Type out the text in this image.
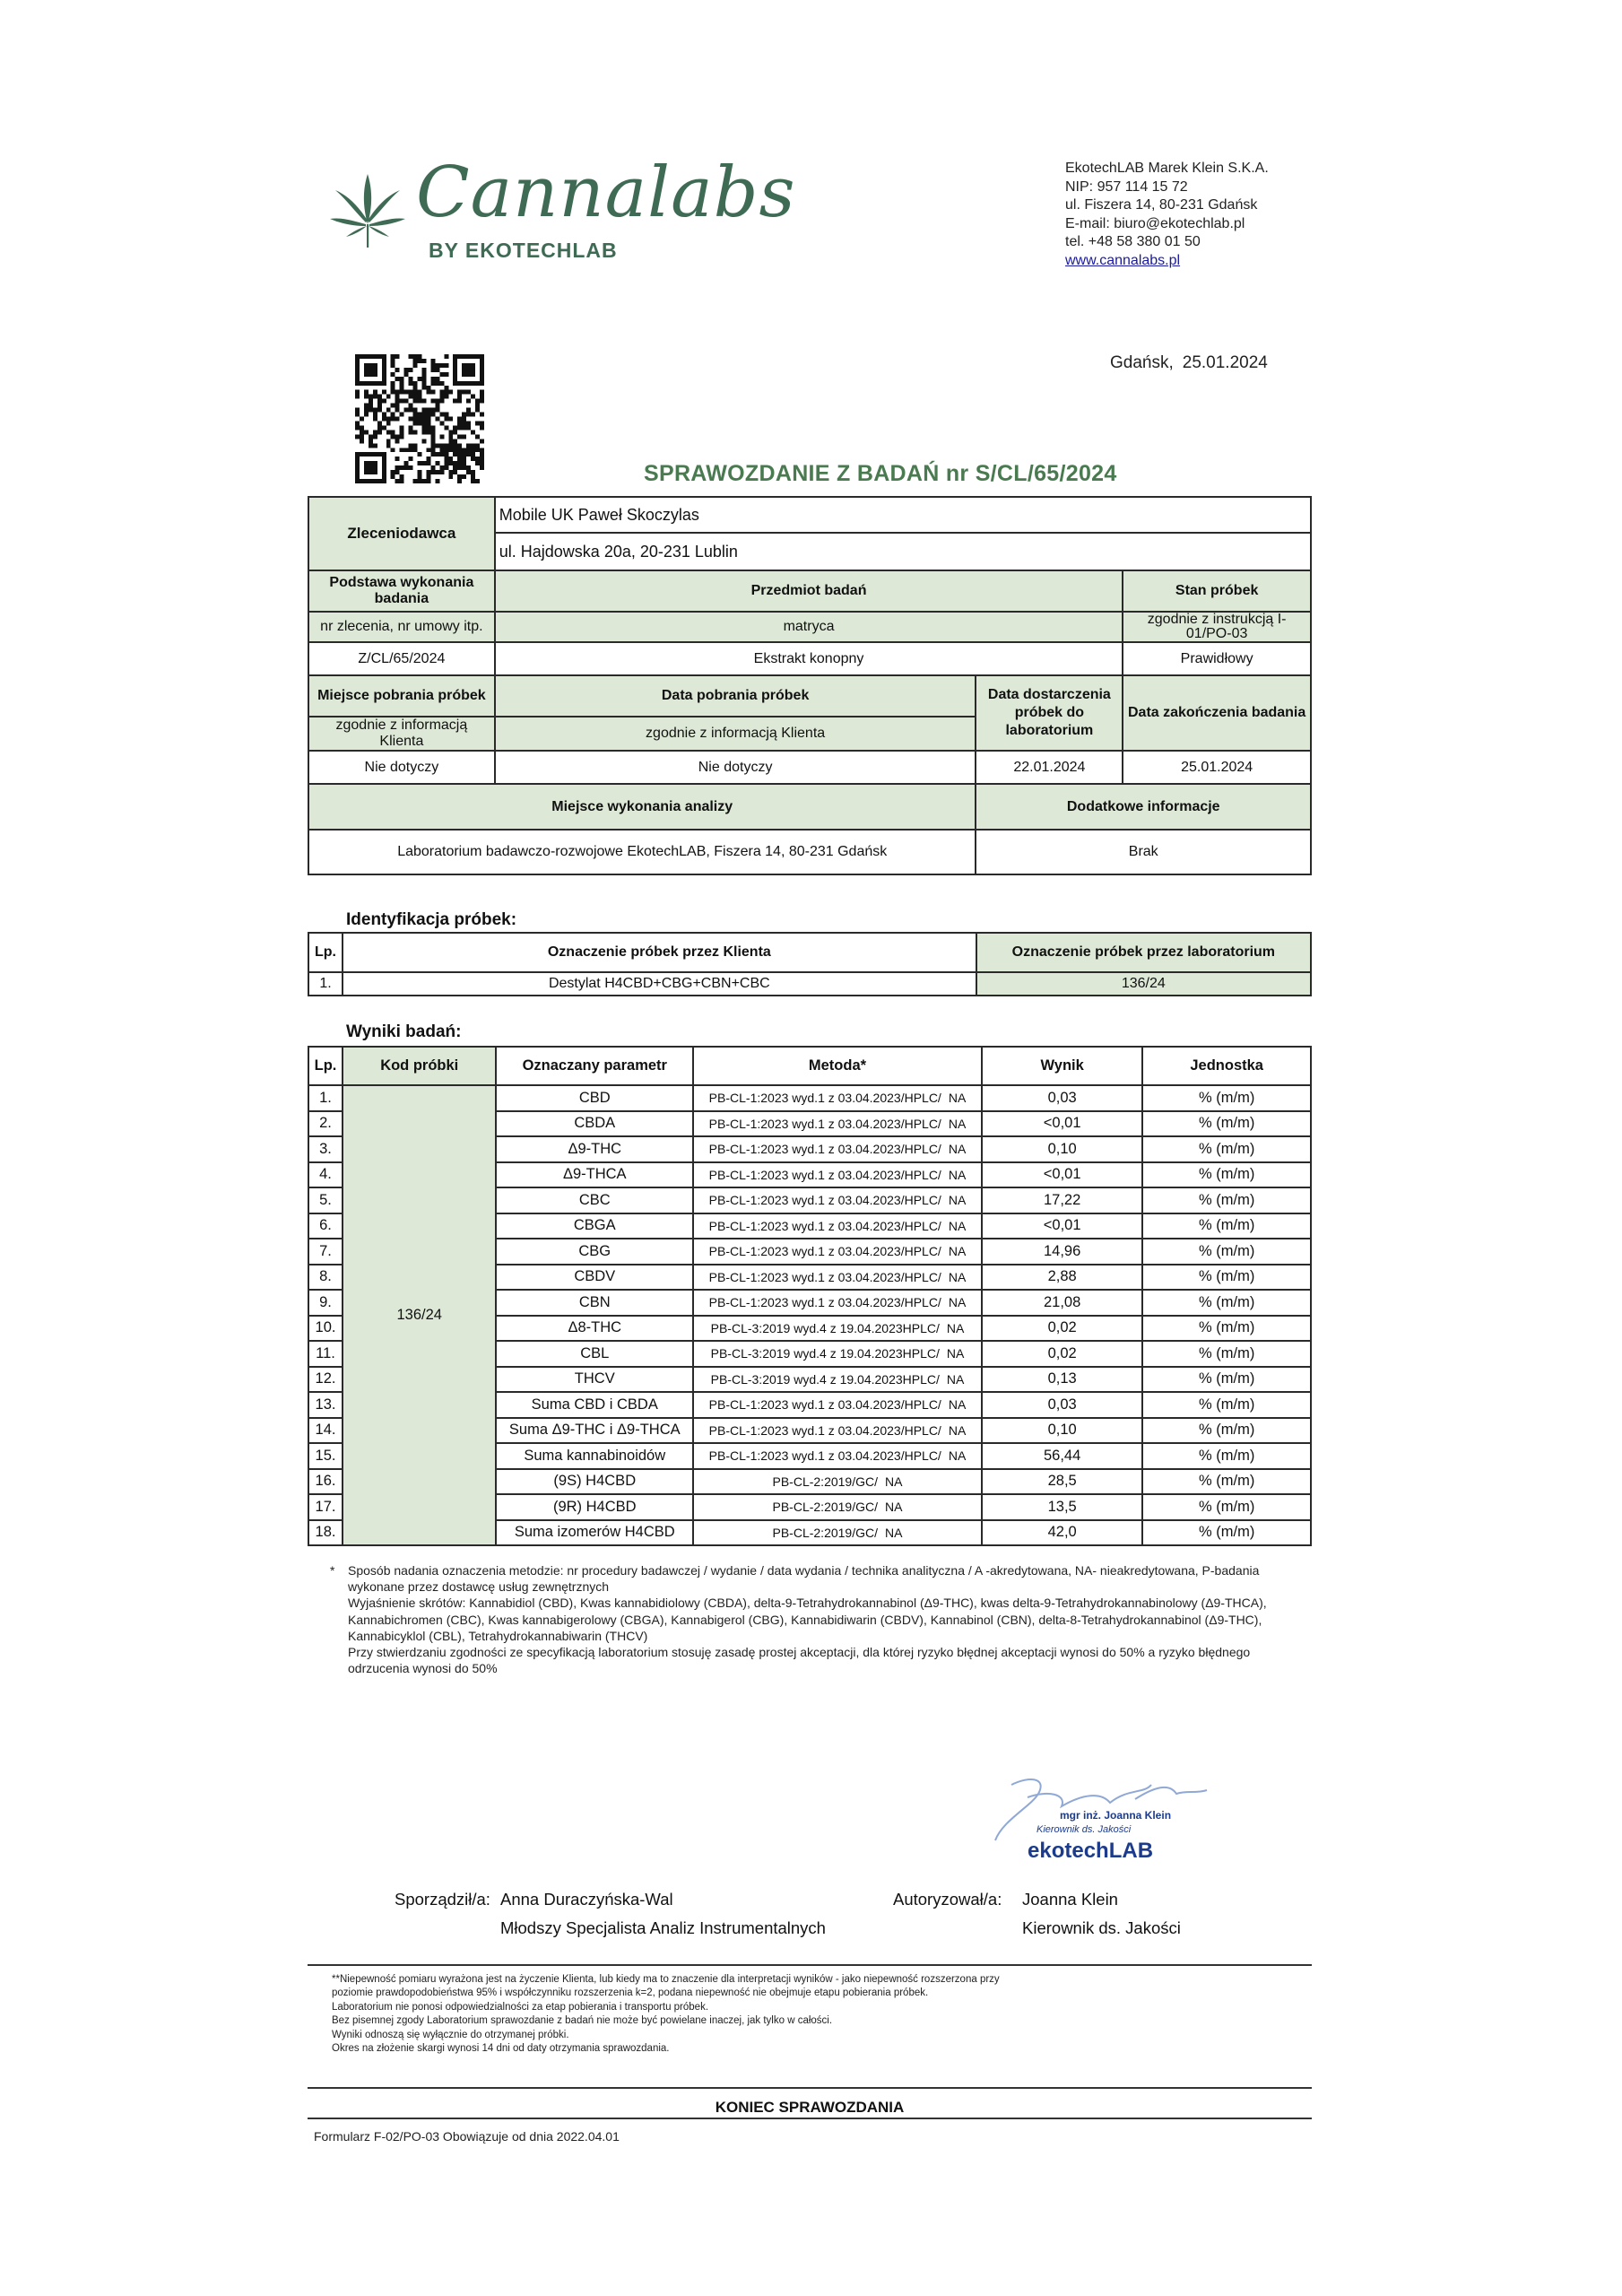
Cannalabs
BY EKOTECHLAB
EkotechLAB Marek Klein S.K.A.
NIP: 957 114 15 72
ul. Fiszera 14, 80-231 Gdańsk
E-mail: biuro@ekotechlab.pl
tel. +48 58 380 01 50
www.cannalabs.pl
Gdańsk, 25.01.2024
SPRAWOZDANIE Z BADAŃ nr S/CL/65/2024
Zleceniodawca	Mobile UK Paweł Skoczylas		
	ul. Hajdowska 20a, 20-231 Lublin		
Podstawa wykonania badania	Przedmiot badań		Stan próbek
nr zlecenia, nr umowy itp.	matryca		zgodnie z instrukcją I-01/PO-03
Z/CL/65/2024	Ekstrakt konopny		Prawidłowy
Miejsce pobrania próbek	Data pobrania próbek	Data dostarczenia próbek do laboratorium	Data zakończenia badania
zgodnie z informacją Klienta	zgodnie z informacją Klienta		
Nie dotyczy	Nie dotyczy	22.01.2024	25.01.2024
Miejsce wykonania analizy		Dodatkowe informacje	
Laboratorium badawczo-rozwojowe EkotechLAB, Fiszera 14, 80-231 Gdańsk		Brak	
Identyfikacja próbek:
Lp.	Oznaczenie próbek przez Klienta	Oznaczenie próbek przez laboratorium
1.	Destylat H4CBD+CBG+CBN+CBC	136/24
Wyniki badań:
Lp.	Kod próbki	Oznaczany parametr	Metoda*	Wynik	Jednostka
1.	136/24	CBD	PB-CL-1:2023 wyd.1 z 03.04.2023/HPLC/ NA	0,03	% (m/m)
2.		CBDA	PB-CL-1:2023 wyd.1 z 03.04.2023/HPLC/ NA	<0,01	% (m/m)
3.		Δ9-THC	PB-CL-1:2023 wyd.1 z 03.04.2023/HPLC/ NA	0,10	% (m/m)
4.		Δ9-THCA	PB-CL-1:2023 wyd.1 z 03.04.2023/HPLC/ NA	<0,01	% (m/m)
5.		CBC	PB-CL-1:2023 wyd.1 z 03.04.2023/HPLC/ NA	17,22	% (m/m)
6.		CBGA	PB-CL-1:2023 wyd.1 z 03.04.2023/HPLC/ NA	<0,01	% (m/m)
7.		CBG	PB-CL-1:2023 wyd.1 z 03.04.2023/HPLC/ NA	14,96	% (m/m)
8.		CBDV	PB-CL-1:2023 wyd.1 z 03.04.2023/HPLC/ NA	2,88	% (m/m)
9.		CBN	PB-CL-1:2023 wyd.1 z 03.04.2023/HPLC/ NA	21,08	% (m/m)
10.		Δ8-THC	PB-CL-3:2019 wyd.4 z 19.04.2023HPLC/ NA	0,02	% (m/m)
11.		CBL	PB-CL-3:2019 wyd.4 z 19.04.2023HPLC/ NA	0,02	% (m/m)
12.		THCV	PB-CL-3:2019 wyd.4 z 19.04.2023HPLC/ NA	0,13	% (m/m)
13.		Suma CBD i CBDA	PB-CL-1:2023 wyd.1 z 03.04.2023/HPLC/ NA	0,03	% (m/m)
14.		Suma Δ9-THC i Δ9-THCA	PB-CL-1:2023 wyd.1 z 03.04.2023/HPLC/ NA	0,10	% (m/m)
15.		Suma kannabinoidów	PB-CL-1:2023 wyd.1 z 03.04.2023/HPLC/ NA	56,44	% (m/m)
16.		(9S) H4CBD	PB-CL-2:2019/GC/ NA	28,5	% (m/m)
17.		(9R) H4CBD	PB-CL-2:2019/GC/ NA	13,5	% (m/m)
18.		Suma izomerów H4CBD	PB-CL-2:2019/GC/ NA	42,0	% (m/m)
*	Sposób nadania oznaczenia metodzie: nr procedury badawczej / wydanie / data wydania / technika analityczna / A -akredytowana, NA- nieakredytowana, P-badania wykonane przez dostawcę usług zewnętrznych

Wyjaśnienie skrótów: Kannabidiol (CBD), Kwas kannabidiolowy (CBDA), delta-9-Tetrahydrokannabinol (Δ9-THC), kwas delta-9-Tetrahydrokannabinolowy (Δ9-THCA), Kannabichromen (CBC), Kwas kannabigerolowy (CBGA), Kannabigerol (CBG), Kannabidiwarin (CBDV), Kannabinol (CBN), delta-8-Tetrahydrokannabinol (Δ9-THC), Kannabicyklol (CBL), Tetrahydrokannabiwarin (THCV)

Przy stwierdzaniu zgodności ze specyfikacją laboratorium stosuję zasadę prostej akceptacji, dla której ryzyko błędnej akceptacji wynosi do 50% a ryzyko błędnego odrzucenia wynosi do 50%

mgr inż. Joanna Klein
Kierownik ds. Jakości
ekotechLAB
Sporządził/a: Anna Duraczyńska-Wal
Młodszy Specjalista Analiz Instrumentalnych
Autoryzował/a: Joanna Klein
Kierownik ds. Jakości
**Niepewność pomiaru wyrażona jest na życzenie Klienta, lub kiedy ma to znaczenie dla interpretacji wyników - jako niepewność rozszerzona przy
poziomie prawdopodobieństwa 95% i współczynniku rozszerzenia k=2, podana niepewność nie obejmuje etapu pobierania próbek.
Laboratorium nie ponosi odpowiedzialności za etap pobierania i transportu próbek.
Bez pisemnej zgody Laboratorium sprawozdanie z badań nie może być powielane inaczej, jak tylko w całości.
Wyniki odnoszą się wyłącznie do otrzymanej próbki.
Okres na złożenie skargi wynosi 14 dni od daty otrzymania sprawozdania.
KONIEC SPRAWOZDANIA
Formularz F-02/PO-03 Obowiązuje od dnia 2022.04.01
